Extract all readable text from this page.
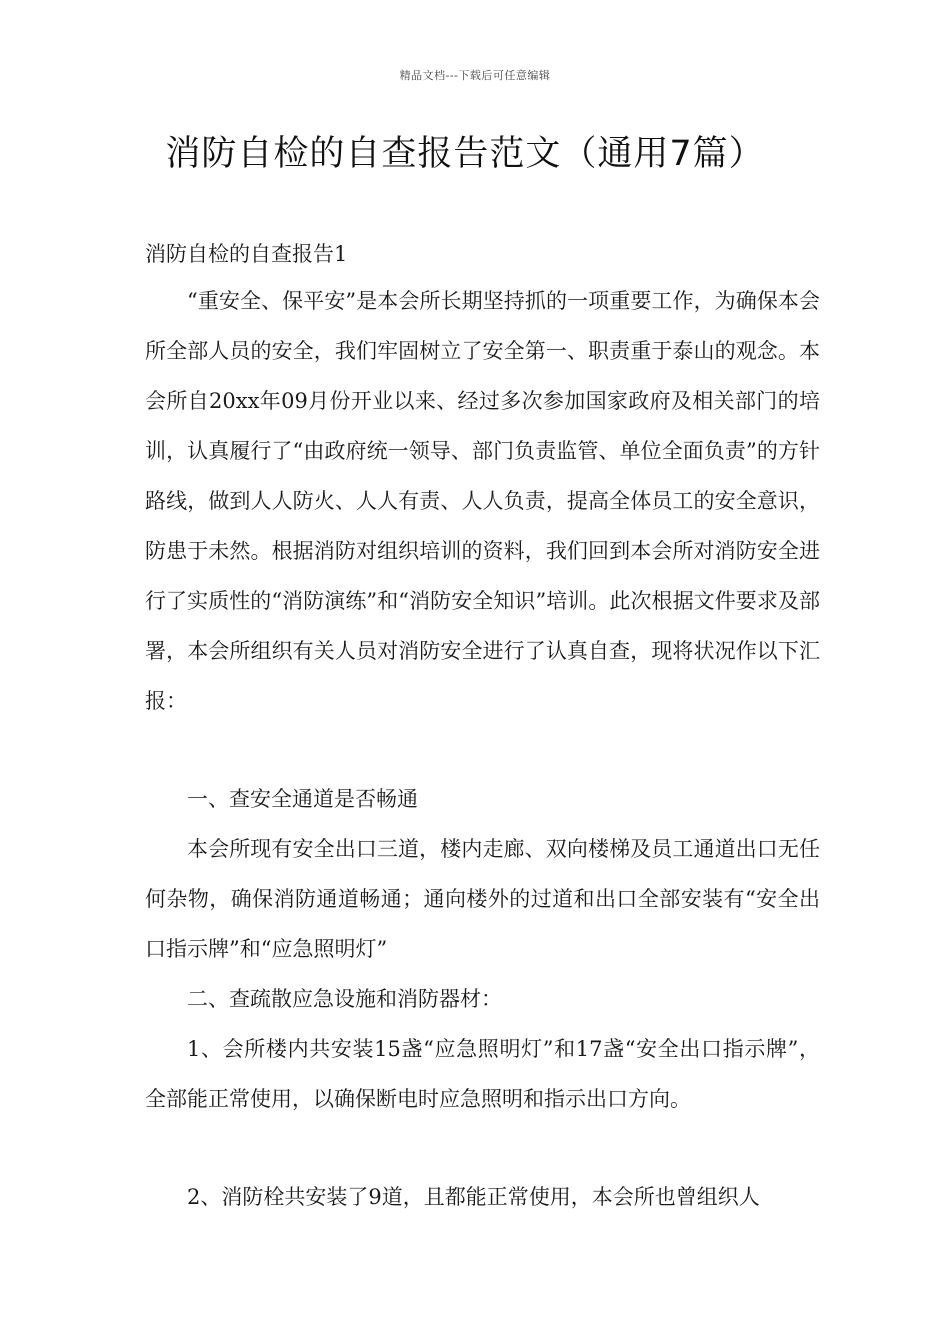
精品文档---下载后可任意编辑
消防自检的自查报告范文（通用7篇）
消防自检的自查报告1

“重安全、保平安”是本会所长期坚持抓的一项重要工作，为确保本会所全部人员的安全，我们牢固树立了安全第一、职责重于泰山的观念。本会所自20xx年09月份开业以来、经过多次参加国家政府及相关部门的培训，认真履行了“由政府统一领导、部门负责监管、单位全面负责”的方针路线，做到人人防火、人人有责、人人负责，提高全体员工的安全意识，防患于未然。根据消防对组织培训的资料，我们回到本会所对消防安全进行了实质性的“消防演练”和“消防安全知识”培训。此次根据文件要求及部署，本会所组织有关人员对消防安全进行了认真自查，现将状况作以下汇报：

一、查安全通道是否畅通

本会所现有安全出口三道，楼内走廊、双向楼梯及员工通道出口无任何杂物，确保消防通道畅通；通向楼外的过道和出口全部安装有“安全出口指示牌”和“应急照明灯”

二、查疏散应急设施和消防器材：

1、会所楼内共安装15盏“应急照明灯”和17盏“安全出口指示牌”，全部能正常使用，以确保断电时应急照明和指示出口方向。

2、消防栓共安装了9道，且都能正常使用，本会所也曾组织人
